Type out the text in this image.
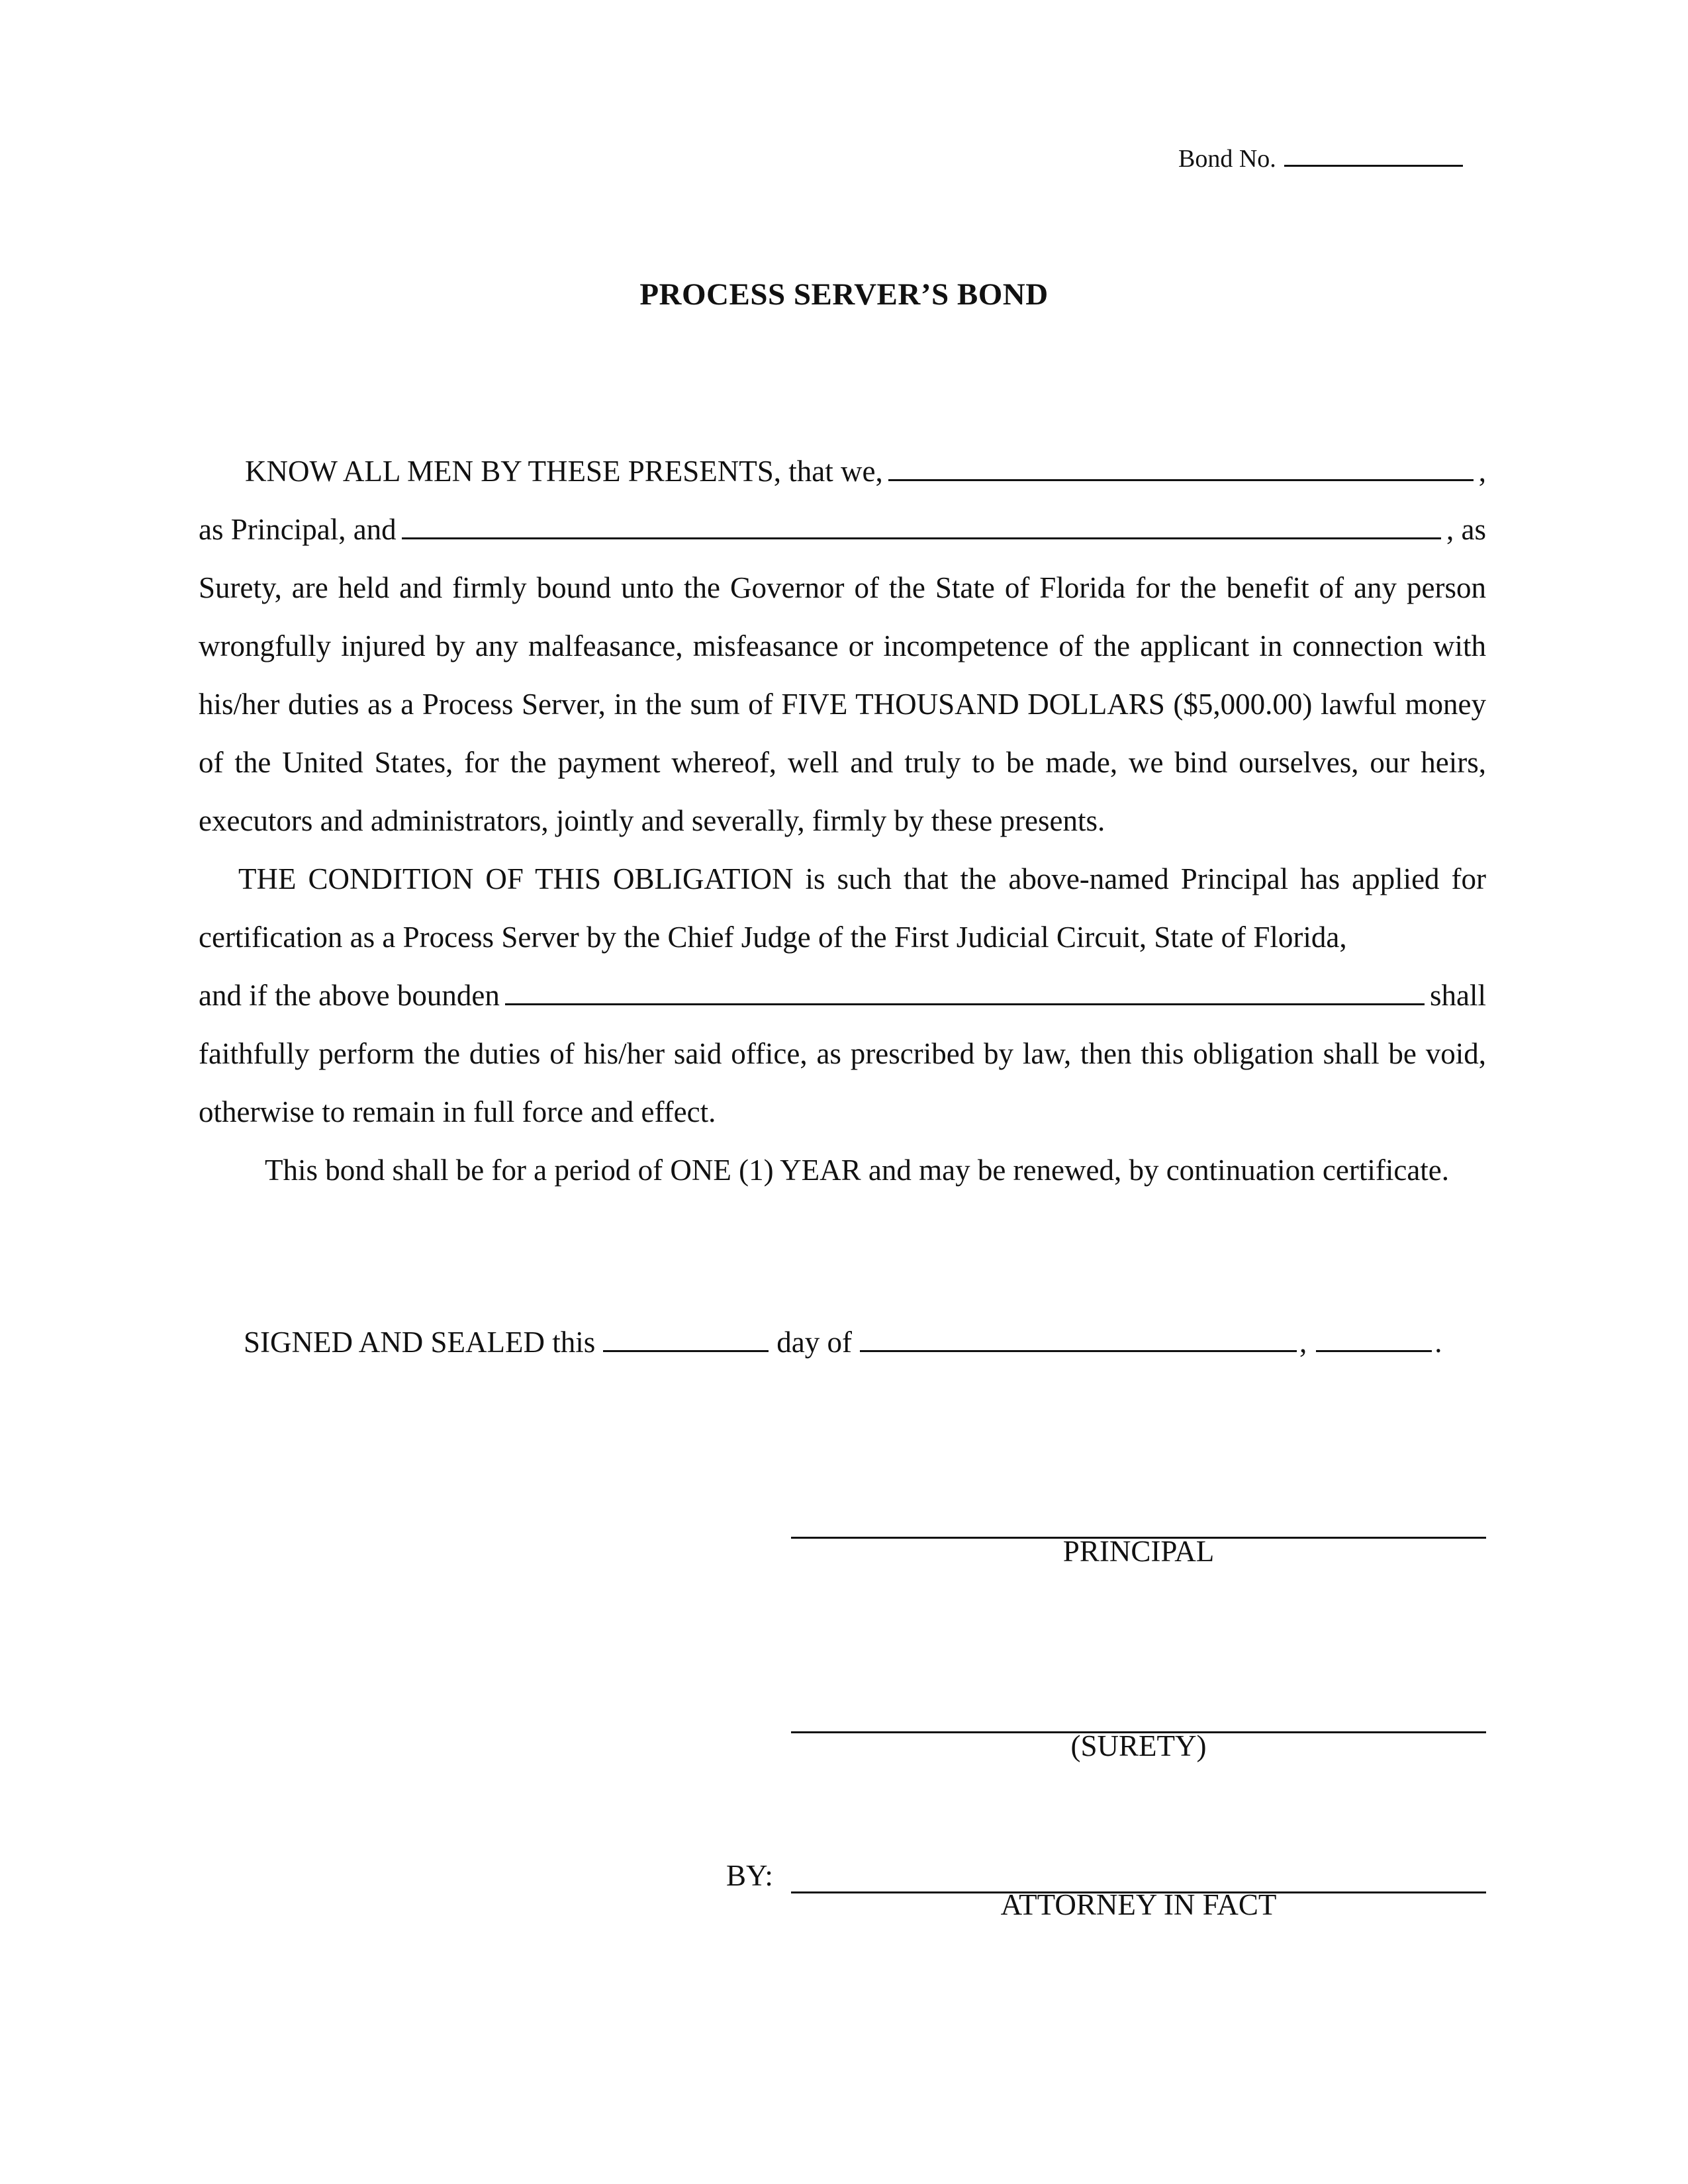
Bond No.
PROCESS SERVER’S BOND
KNOW ALL MEN BY THESE PRESENTS, that we,	,
as Principal, and	, as

Surety, are held and firmly bound unto the Governor of the State of Florida for the benefit of any person wrongfully injured by any malfeasance, misfeasance or incompetence of the applicant in connection with his/her duties as a Process Server, in the sum of FIVE THOUSAND DOLLARS ($5,000.00) lawful money of the United States, for the payment whereof, well and truly to be made, we bind ourselves, our heirs, executors and administrators, jointly and severally, firmly by these presents.

THE CONDITION OF THIS OBLIGATION is such that the above-named Principal has applied for certification as a Process Server by the Chief Judge of the First Judicial Circuit, State of Florida,

and if the above bounden	shall

faithfully perform the duties of his/her said office, as prescribed by law, then this obligation shall be void, otherwise to remain in full force and effect.

This bond shall be for a period of ONE (1) YEAR and may be renewed, by continuation certificate.

SIGNED AND SEALED this	day of	,	.
PRINCIPAL
(SURETY)
BY:
ATTORNEY IN FACT
